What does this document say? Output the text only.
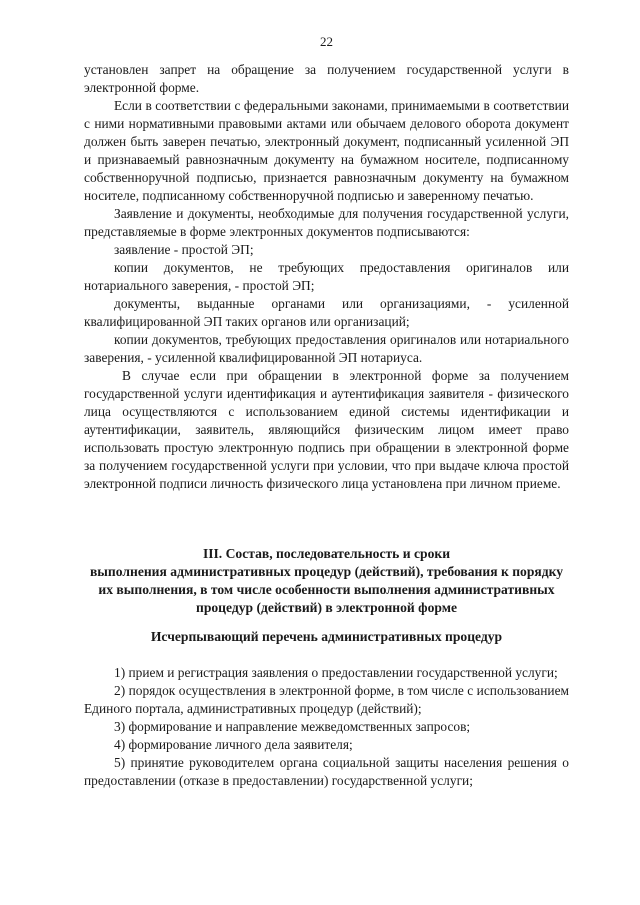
22

установлен запрет на обращение за получением государственной услуги в электронной форме.

Если в соответствии с федеральными законами, принимаемыми в соответствии с ними нормативными правовыми актами или обычаем делового оборота документ должен быть заверен печатью, электронный документ, подписанный усиленной ЭП и признаваемый равнозначным документу на бумажном носителе, подписанному собственноручной подписью, признается равнозначным документу на бумажном носителе, подписанному собственноручной подписью и заверенному печатью.

Заявление и документы, необходимые для получения государственной услуги, представляемые в форме электронных документов подписываются:

заявление - простой ЭП;

копии документов, не требующих предоставления оригиналов или нотариального заверения, - простой ЭП;

документы, выданные органами или организациями, - усиленной квалифицированной ЭП таких органов или организаций;

копии документов, требующих предоставления оригиналов или нотариального заверения, - усиленной квалифицированной ЭП нотариуса.

В случае если при обращении в электронной форме за получением государственной услуги идентификация и аутентификация заявителя - физического лица осуществляются с использованием единой системы идентификации и аутентификации, заявитель, являющийся физическим лицом имеет право использовать простую электронную подпись при обращении в электронной форме за получением государственной услуги при условии, что при выдаче ключа простой электронной подписи личность физического лица установлена при личном приеме.

III. Состав, последовательность и сроки

выполнения административных процедур (действий), требования к порядку их выполнения, в том числе особенности выполнения административных процедур (действий) в электронной форме

Исчерпывающий перечень административных процедур

1) прием и регистрация заявления о предоставлении государственной услуги;

2) порядок осуществления в электронной форме, в том числе с использованием Единого портала, административных процедур (действий);

3) формирование и направление межведомственных запросов;

4) формирование личного дела заявителя;

5) принятие руководителем органа социальной защиты населения решения о предоставлении (отказе в предоставлении) государственной услуги;
